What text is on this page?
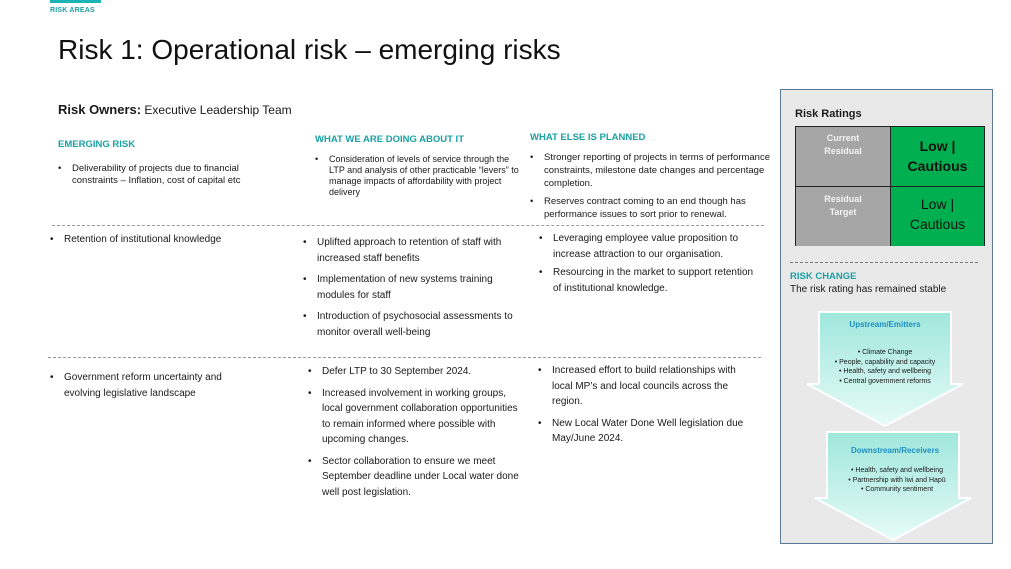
RISK AREAS
Risk 1: Operational risk – emerging risks
Risk Owners: Executive Leadership Team
EMERGING RISK	WHAT WE ARE DOING ABOUT IT	WHAT ELSE IS PLANNED
• Deliverability of projects due to financial constraints – Inflation, cost of capital etc
• Consideration of levels of service through the LTP and analysis of other practicable “levers” to manage impacts of affordability with project delivery
• Stronger reporting of projects in terms of performance constraints, milestone date changes and percentage completion.
• Reserves contract coming to an end though has performance issues to sort prior to renewal.
• Retention of institutional knowledge
•	Uplifted approach to retention of staff with increased staff benefits
• Implementation of new systems training modules for staff
• Introduction of psychosocial assessments to monitor overall well-being
• Leveraging employee value proposition to increase attraction to our organisation.
• Resourcing in the market to support retention of institutional knowledge.
• Government reform uncertainty and evolving legislative landscape
• Defer LTP to 30 September 2024.
• Increased involvement in working groups, local government collaboration opportunities to remain informed where possible with upcoming changes.
• Sector collaboration to ensure we meet September deadline under Local water done well post legislation.
• Increased effort to build relationships with local MP’s and local councils across the region.
• New Local Water Done Well legislation due May/June 2024.
Risk Ratings
Current
Residual	Low |
Cautious
Residual
Target	Low |
Cautious
RISK CHANGE
The risk rating has remained stable
Upstream/Emitters
• Climate Change
• People, capability and capacity
• Health, safety and wellbeing
• Central government reforms
Downstream/Receivers
• Health, safety and wellbeing
• Partnership with Iwi and Hapū
• Community sentiment
